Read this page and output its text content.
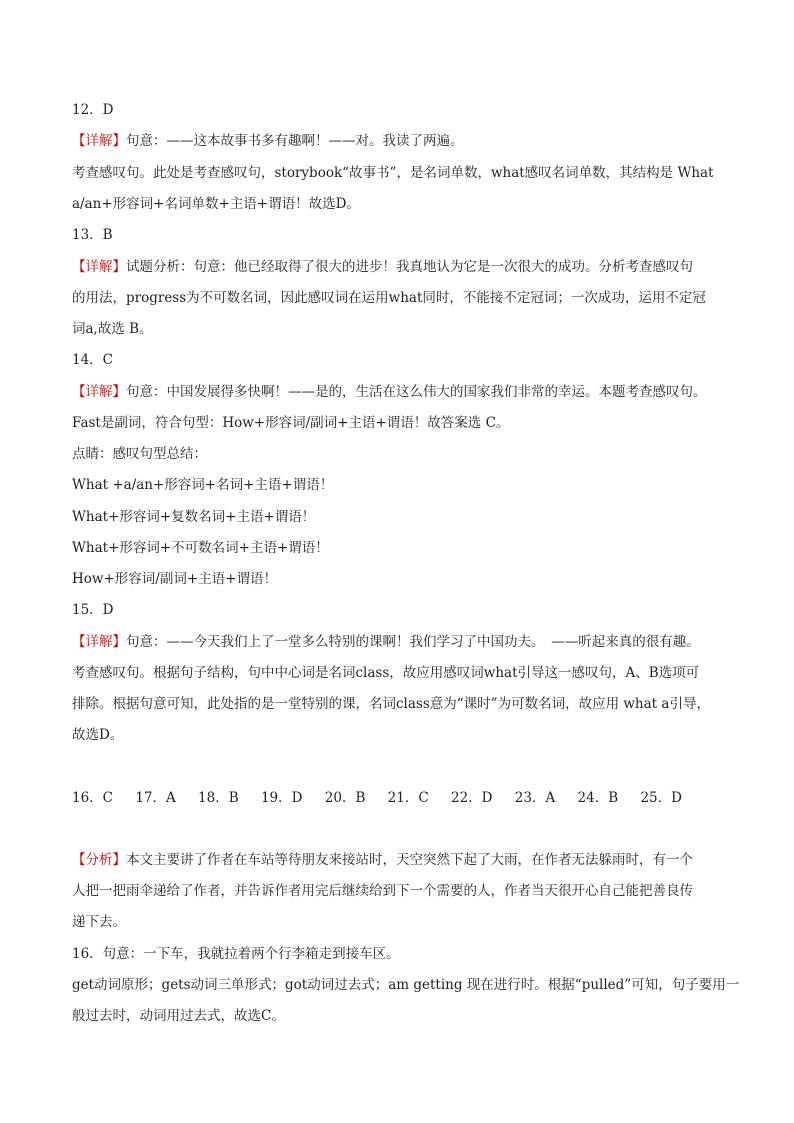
12．D
【详解】句意：——这本故事书多有趣啊！——对。我读了两遍。
考查感叹句。此处是考查感叹句，storybook“故事书”，是名词单数，what感叹名词单数，其结构是 What
a/an+形容词+名词单数+主语+谓语！故选D。
13．B
【详解】试题分析：句意：他已经取得了很大的进步！我真地认为它是一次很大的成功。分析考查感叹句
的用法，progress为不可数名词，因此感叹词在运用what同时，不能接不定冠词；一次成功，运用不定冠
词a,故选 B。
14．C
【详解】句意：中国发展得多快啊！——是的，生活在这么伟大的国家我们非常的幸运。本题考查感叹句。
Fast是副词，符合句型：How+形容词/副词+主语+谓语！故答案选 C。
点睛：感叹句型总结：
What +a/an+形容词+名词+主语+谓语！
What+形容词+复数名词+主语+谓语！
What+形容词+不可数名词+主语+谓语！
How+形容词/副词+主语+谓语！
15．D
【详解】句意：——今天我们上了一堂多么特别的课啊！我们学习了中国功夫。　——听起来真的很有趣。
考查感叹句。根据句子结构，句中中心词是名词class，故应用感叹词what引导这一感叹句，A、B选项可
排除。根据句意可知，此处指的是一堂特别的课，名词class意为“课时”为可数名词，故应用 what a引导，
故选D。
16．C 17．A 18．B 19．D 20．B 21．C 22．D 23．A 24．B 25．D
【分析】本文主要讲了作者在车站等待朋友来接站时，天空突然下起了大雨，在作者无法躲雨时，有一个
人把一把雨伞递给了作者，并告诉作者用完后继续给到下一个需要的人，作者当天很开心自己能把善良传
递下去。
16．句意：一下车，我就拉着两个行李箱走到接车区。
get动词原形；gets动词三单形式；got动词过去式；am getting 现在进行时。根据“pulled”可知，句子要用一
般过去时，动词用过去式，故选C。
